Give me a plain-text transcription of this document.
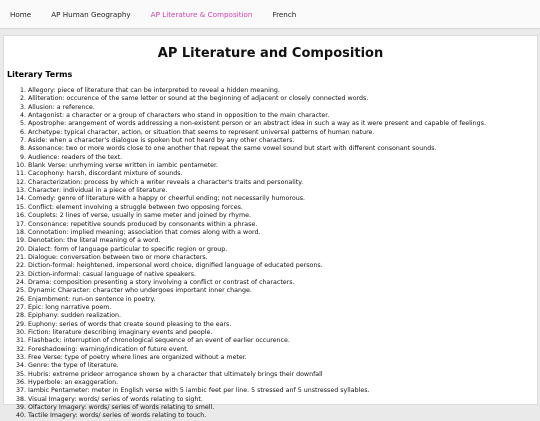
Home	AP Human Geography	AP Literature & Composition	French
AP Literature and Composition
Literary Terms
1. Allegory: piece of literature that can be interpreted to reveal a hidden meaning.
2. Alliteration: occurence of the same letter or sound at the beginning of adjacent or closely connected words.
3. Allusion: a reference.
4. Antagonist: a character or a group of characters who stand in opposition to the main character.
5. Apostrophe: arangement of words addressing a non-existent person or an abstract idea in such a way as it were present and capable of feelings.
6. Archetype: typical character, action, or situation that seems to represent universal patterns of human nature.
7. Aside: when a character's dialogue is spoken but not heard by any other characters.
8. Assonance: two or more words close to one another that repeat the same vowel sound but start with different consonant sounds.
9. Audience: readers of the text.
10. Blank Verse: unrhyming verse written in iambic pentameter.
11. Cacophony: harsh, discordant mixture of sounds.
12. Characterization: process by which a writer reveals a character's traits and personality.
13. Character: individual in a piece of literature.
14. Comedy: genre of literature with a happy or cheerful ending; not necessarily humorous.
15. Conflict: element involving a struggle between two opposing forces.
16. Couplets: 2 lines of verse, usually in same meter and joined by rhyme.
17. Consonance: repetitive sounds produced by consonants within a phrase.
18. Connotation: implied meaning; association that comes along with a word.
19. Denotation: the literal meaning of a word.
20. Dialect: form of language particular to specific region or group.
21. Dialogue: conversation between two or more characters.
22. Diction-formal: heightened, impersonal word choice, dignified language of educated persons.
23. Diction-informal: casual language of native speakers.
24. Drama: composition presenting a story involving a conflict or contrast of characters.
25. Dynamic Character: character who undergoes important inner change.
26. Enjambment: run-on sentence in poetry.
27. Epic: long narrative poem.
28. Epiphany: sudden realization.
29. Euphony: series of words that create sound pleasing to the ears.
30. Fiction: literature describing imaginary events and people.
31. Flashback: interruption of chronological sequence of an event of earlier occurence.
32. Foreshadowing: warning/indication of future event.
33. Free Verse: type of poetry where lines are organized without a meter.
34. Genre: the type of literature.
35. Hubris: extreme prideor arrogance shown by a character that ultimately brings their downfall
36. Hyperbole: an exaggeration.
37. Iambic Pentameter: meter in English verse with 5 iambic feet per line. 5 stressed anf 5 unstressed syllables.
38. Visual Imagery: words/ series of words relating to sight.
39. Olfactory Imagery: words/ series of words relating to smell.
40. Tactile Imagery: words/ series of words relating to touch.
